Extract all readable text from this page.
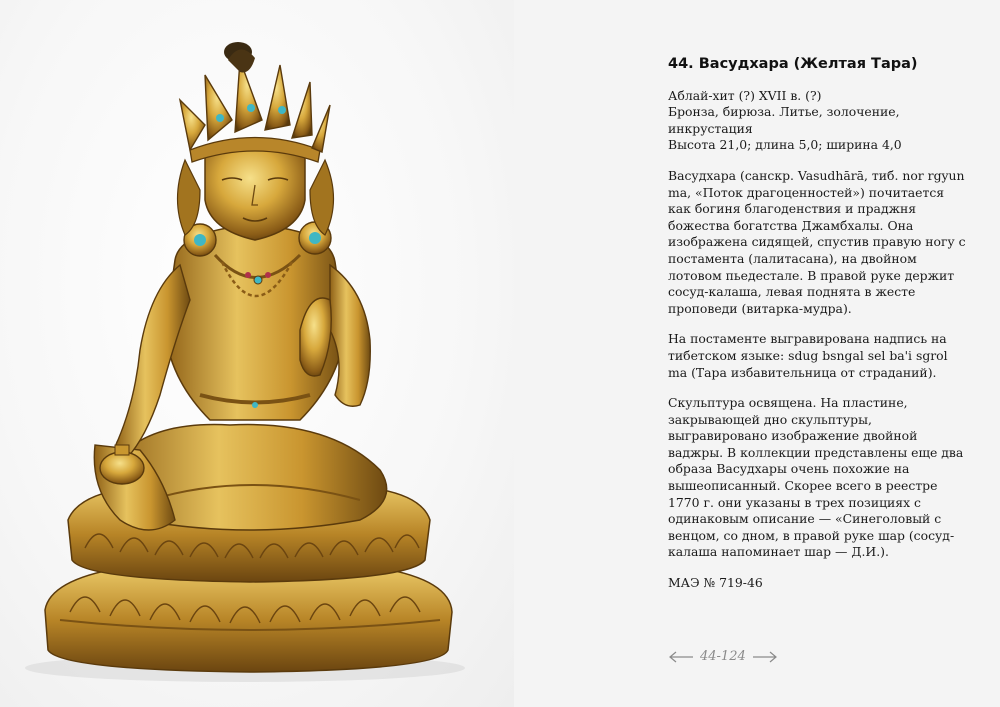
44. Васудхара (Желтая Тара)

Аблай-хит (?) XVII в. (?)

Бронза, бирюза. Литье, золочение, инкрустация

Высота 21,0; длина 5,0; ширина 4,0

Васудхара (санскр. Vasudhārā, тиб. nor rgyun ma, «Поток драгоценностей») почитается как богиня благоденствия и праджня божества богатства Джамбхалы. Она изображена сидящей, спустив правую ногу с постамента (лалитасана), на двойном лотовом пьедестале. В правой руке держит сосуд-калаша, левая поднята в жесте проповеди (витарка-мудра).

На постаменте выгравирована надпись на тибетском языке: sdug bsngal sel ba'i sgrol ma (Тара избавительница от страданий).

Скульптура освящена. На пластине, закрывающей дно скульптуры, выгравировано изображение двойной ваджры. В коллекции представлены еще два образа Васудхары очень похожие на вышеописанный. Скорее всего в реестре 1770 г. они указаны в трех позициях с одинаковым описание — «Синеголовый с венцом, со дном, в правой руке шар (сосуд-калаша напоминает шар — Д.И.).

МАЭ № 719-46

44-124
